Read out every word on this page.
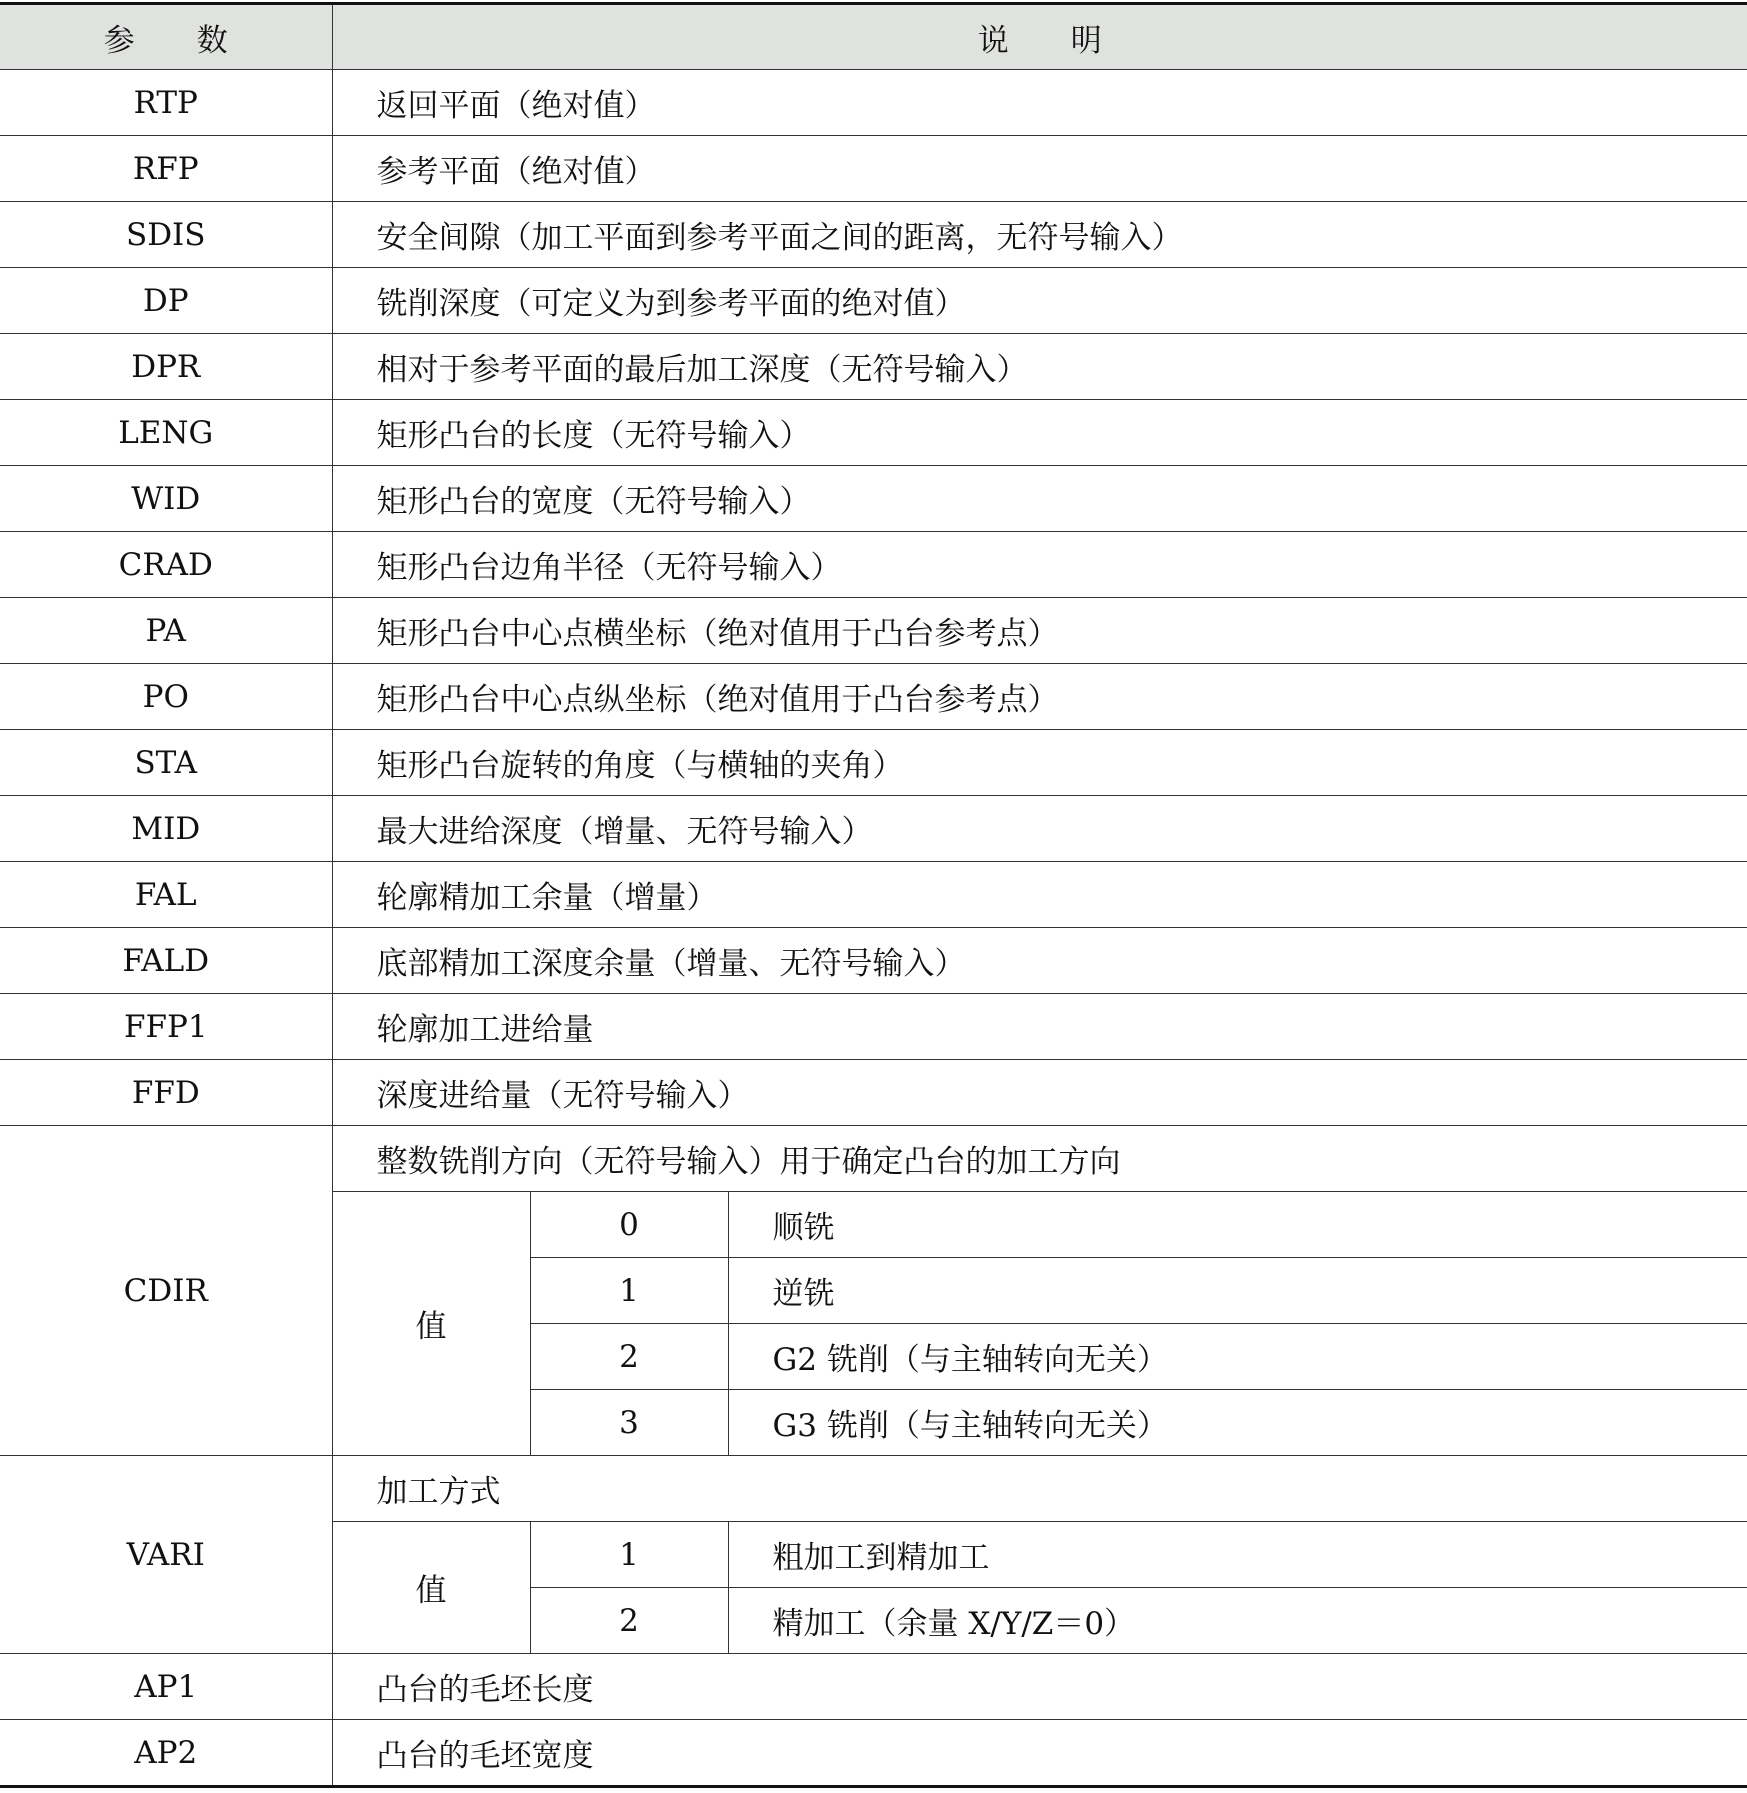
参　　数	说　　明		
RTP	返回平面（绝对值）		
RFP	参考平面（绝对值）		
SDIS	安全间隙（加工平面到参考平面之间的距离，无符号输入）		
DP	铣削深度（可定义为到参考平面的绝对值）		
DPR	相对于参考平面的最后加工深度（无符号输入）		
LENG	矩形凸台的长度（无符号输入）		
WID	矩形凸台的宽度（无符号输入）		
CRAD	矩形凸台边角半径（无符号输入）		
PA	矩形凸台中心点横坐标（绝对值用于凸台参考点）		
PO	矩形凸台中心点纵坐标（绝对值用于凸台参考点）		
STA	矩形凸台旋转的角度（与横轴的夹角）		
MID	最大进给深度（增量、无符号输入）		
FAL	轮廓精加工余量（增量）		
FALD	底部精加工深度余量（增量、无符号输入）		
FFP1	轮廓加工进给量		
FFD	深度进给量（无符号输入）		
CDIR	整数铣削方向（无符号输入）用于确定凸台的加工方向		
	值	0	顺铣
		1	逆铣
		2	G2 铣削（与主轴转向无关）
		3	G3 铣削（与主轴转向无关）
VARI	加工方式		
	值	1	粗加工到精加工
		2	精加工（余量 X/Y/Z＝0）
AP1	凸台的毛坯长度		
AP2	凸台的毛坯宽度		
